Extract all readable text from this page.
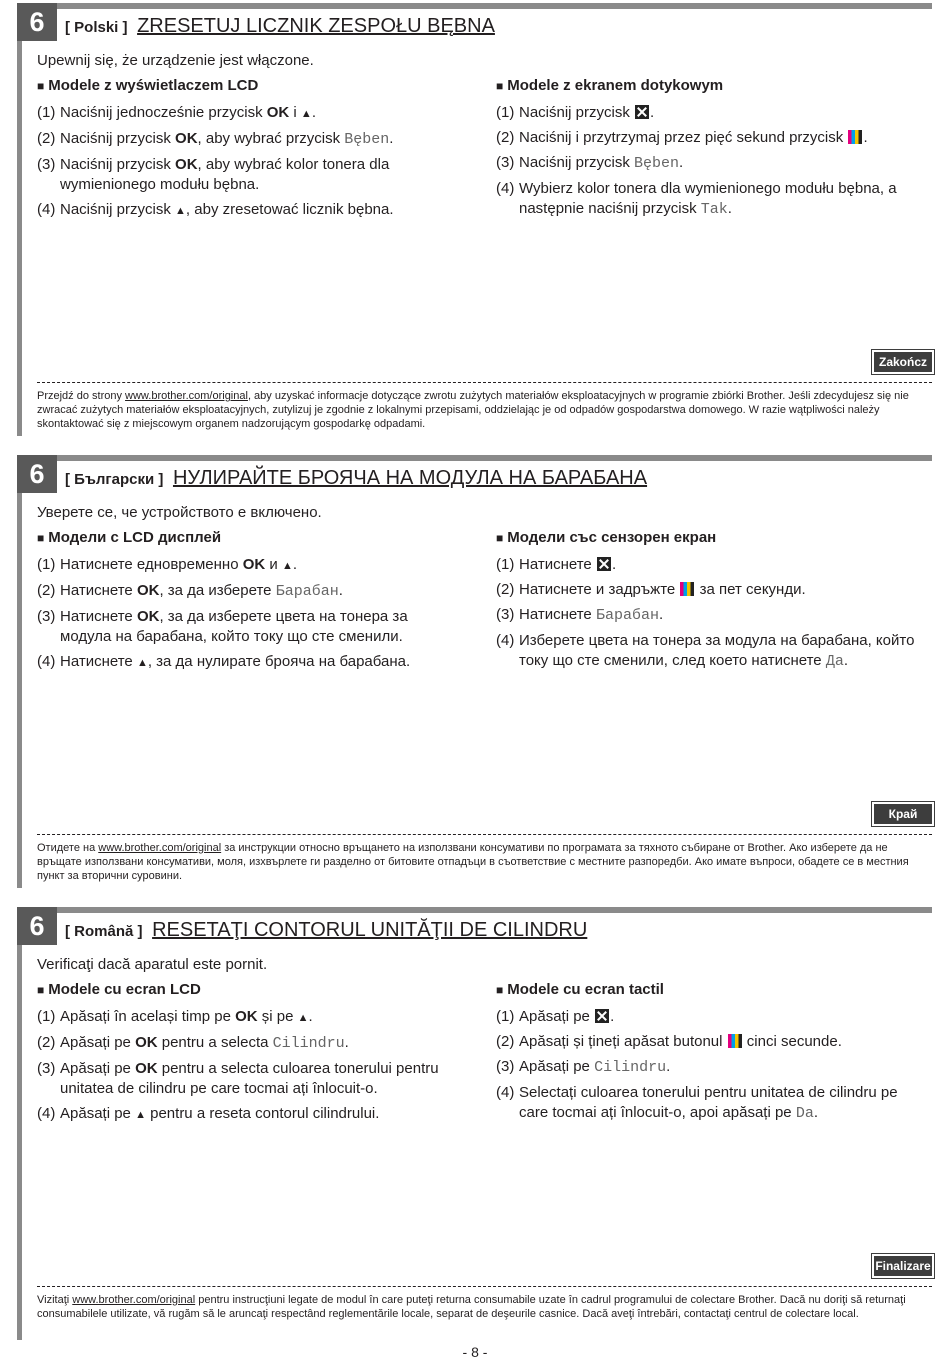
6	[ Polski ] ZRESETUJ LICZNIK ZESPOŁU BĘBNA
Upewnij się, że urządzenie jest włączone.
■ Modele z wyświetlaczem LCD
(1) Naciśnij jednocześnie przycisk OK i ▲.
(2) Naciśnij przycisk OK, aby wybrać przycisk Bęben.
(3) Naciśnij przycisk OK, aby wybrać kolor tonera dla wymienionego modułu bębna.
(4) Naciśnij przycisk ▲, aby zresetować licznik bębna.
■ Modele z ekranem dotykowym
(1) Naciśnij przycisk .
(2) Naciśnij i przytrzymaj przez pięć sekund przycisk .
(3) Naciśnij przycisk Bęben.
(4) Wybierz kolor tonera dla wymienionego modułu bębna, a następnie naciśnij przycisk Tak.
Zakończ
Przejdź do strony www.brother.com/original, aby uzyskać informacje dotyczące zwrotu zużytych materiałów eksploatacyjnych w programie zbiórki Brother. Jeśli zdecydujesz się nie zwracać zużytych materiałów eksploatacyjnych, zutylizuj je zgodnie z lokalnymi przepisami, oddzielając je od odpadów gospodarstwa domowego. W razie wątpliwości należy skontaktować się z miejscowym organem nadzorującym gospodarkę odpadami.
6	[ Български ] НУЛИРАЙТЕ БРОЯЧА НА МОДУЛА НА БАРАБАНА
Уверете се, че устройството е включено.
■ Модели с LCD дисплей
(1) Натиснете едновременно OK и ▲.
(2) Натиснете OK, за да изберете Барабан.
(3) Натиснете OK, за да изберете цвета на тонера за модула на барабана, който току що сте сменили.
(4) Натиснете ▲, за да нулирате брояча на барабана.
■ Модели със сензорен екран
(1) Натиснете .
(2) Натиснете и задръжте  за пет секунди.
(3) Натиснете Барабан.
(4) Изберете цвета на тонера за модула на барабана, който току що сте сменили, след което натиснете Да.
Край
Отидете на www.brother.com/original за инструкции относно връщането на използвани консумативи по програмата за тяхното събиране от Brother. Ако изберете да не връщате използвани консумативи, моля, изхвърлете ги разделно от битовите отпадъци в съответствие с местните разпоредби. Ако имате въпроси, обадете се в местния пункт за вторични суровини.
6	[ Română ] RESETAŢI CONTORUL UNITĂŢII DE CILINDRU
Verificaţi dacă aparatul este pornit.
■ Modele cu ecran LCD
(1) Apăsați în același timp pe OK și pe ▲.
(2) Apăsați pe OK pentru a selecta Cilindru.
(3) Apăsați pe OK pentru a selecta culoarea tonerului pentru unitatea de cilindru pe care tocmai ați înlocuit-o.
(4) Apăsați pe ▲ pentru a reseta contorul cilindrului.
■ Modele cu ecran tactil
(1) Apăsați pe .
(2) Apăsați și țineți apăsat butonul  cinci secunde.
(3) Apăsați pe Cilindru.
(4) Selectați culoarea tonerului pentru unitatea de cilindru pe care tocmai ați înlocuit-o, apoi apăsați pe Da.
Finalizare
Vizitaţi www.brother.com/original pentru instrucţiuni legate de modul în care puteţi returna consumabile uzate în cadrul programului de colectare Brother. Dacă nu doriţi să returnaţi consumabilele utilizate, vă rugăm să le aruncaţi respectând reglementările locale, separat de deşeurile casnice. Dacă aveţi întrebări, contactaţi centrul de colectare local.
- 8 -
